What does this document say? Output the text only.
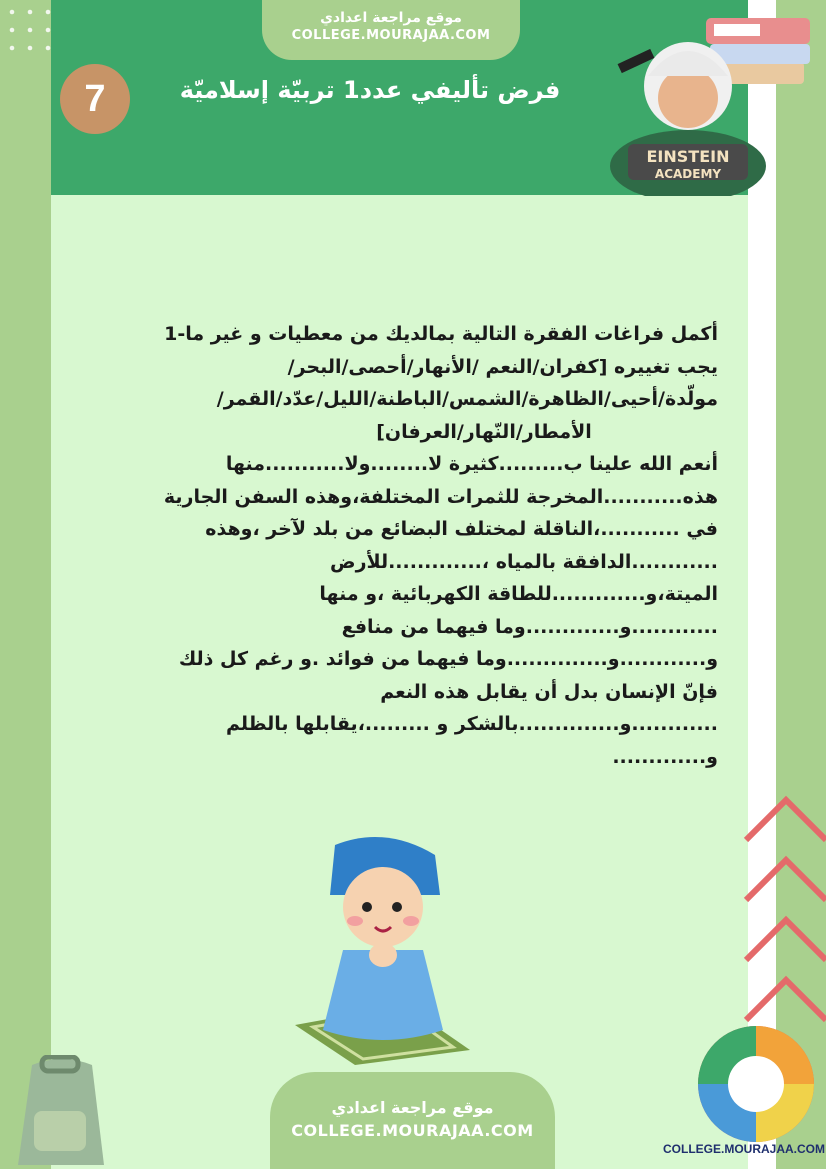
موقع مراجعة اعدادي
COLLEGE.MOURAJAA.COM
7	فرض تأليفي عدد1 تربيّة إسلاميّة
EINSTEIN
ACADEMY

أكمل فراغات الفقرة التالية بمالديك من معطيات و غير ما-1

يجب تغييره [كفران/النعم /الأنهار/أحصى/البحر/

مولّدة/أحيى/الظاهرة/الشمس/الباطنة/الليل/عدّد/القمر/

الأمطار/النّهار/العرفان]

أنعم الله علينا ب.........كثيرة لا........ولا...........منها

هذه...........المخرجة للثمرات المختلفة،وهذه السفن الجارية

في ...........،الناقلة لمختلف البضائع من بلد لآخر ،وهذه

............الدافقة بالمياه ،.............للأرض

الميتة،و.............للطاقة الكهربائية ،و منها

............و.............وما فيهما من منافع

و............و..............وما فيهما من فوائد .و رغم كل ذلك

فإنّ الإنسان بدل أن يقابل هذه النعم

............و..............بالشكر و .........،يقابلها بالظلم

و.............

موقع مراجعة اعدادي
COLLEGE.MOURAJAA.COM
COLLEGE.MOURAJAA.COM
